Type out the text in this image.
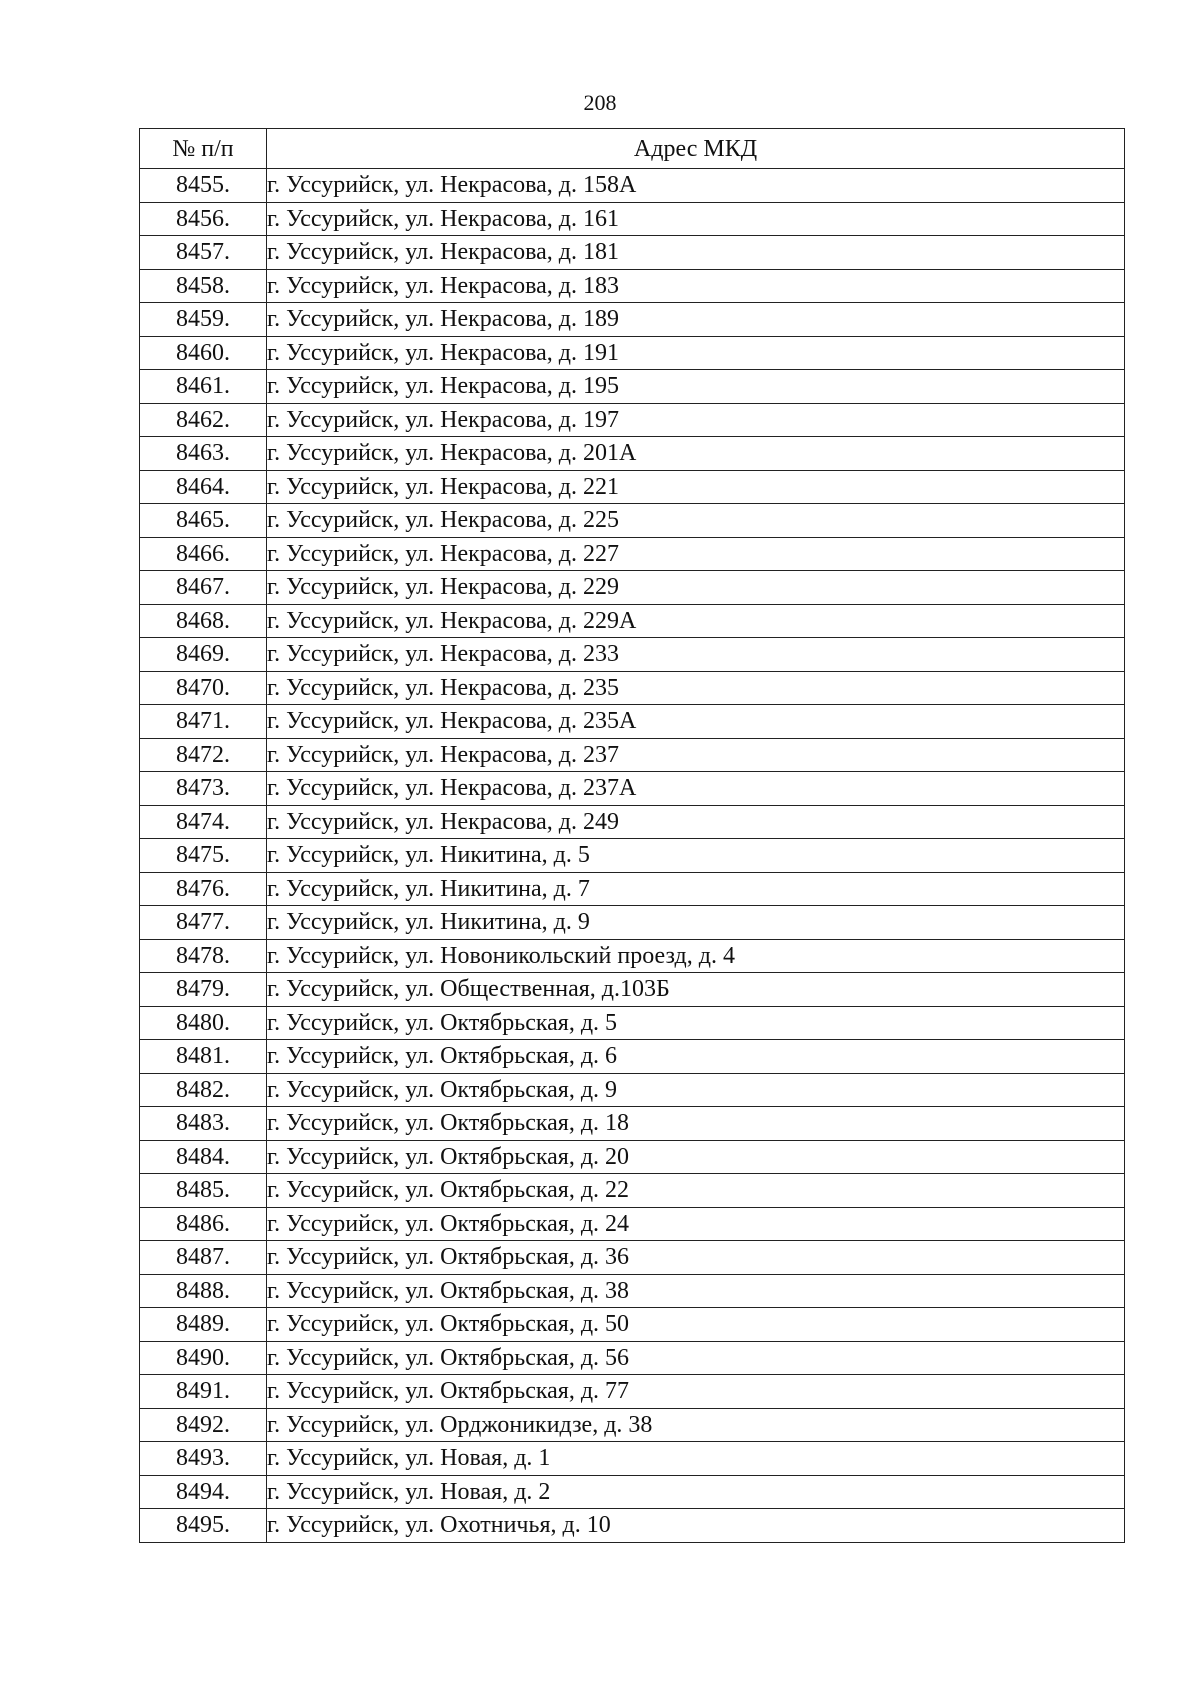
208
№ п/п	Адрес МКД
8455.	г. Уссурийск, ул. Некрасова, д. 158А
8456.	г. Уссурийск, ул. Некрасова, д. 161
8457.	г. Уссурийск, ул. Некрасова, д. 181
8458.	г. Уссурийск, ул. Некрасова, д. 183
8459.	г. Уссурийск, ул. Некрасова, д. 189
8460.	г. Уссурийск, ул. Некрасова, д. 191
8461.	г. Уссурийск, ул. Некрасова, д. 195
8462.	г. Уссурийск, ул. Некрасова, д. 197
8463.	г. Уссурийск, ул. Некрасова, д. 201А
8464.	г. Уссурийск, ул. Некрасова, д. 221
8465.	г. Уссурийск, ул. Некрасова, д. 225
8466.	г. Уссурийск, ул. Некрасова, д. 227
8467.	г. Уссурийск, ул. Некрасова, д. 229
8468.	г. Уссурийск, ул. Некрасова, д. 229А
8469.	г. Уссурийск, ул. Некрасова, д. 233
8470.	г. Уссурийск, ул. Некрасова, д. 235
8471.	г. Уссурийск, ул. Некрасова, д. 235А
8472.	г. Уссурийск, ул. Некрасова, д. 237
8473.	г. Уссурийск, ул. Некрасова, д. 237А
8474.	г. Уссурийск, ул. Некрасова, д. 249
8475.	г. Уссурийск, ул. Никитина, д. 5
8476.	г. Уссурийск, ул. Никитина, д. 7
8477.	г. Уссурийск, ул. Никитина, д. 9
8478.	г. Уссурийск, ул. Новоникольский проезд, д. 4
8479.	г. Уссурийск, ул. Общественная, д.103Б
8480.	г. Уссурийск, ул. Октябрьская, д. 5
8481.	г. Уссурийск, ул. Октябрьская, д. 6
8482.	г. Уссурийск, ул. Октябрьская, д. 9
8483.	г. Уссурийск, ул. Октябрьская, д. 18
8484.	г. Уссурийск, ул. Октябрьская, д. 20
8485.	г. Уссурийск, ул. Октябрьская, д. 22
8486.	г. Уссурийск, ул. Октябрьская, д. 24
8487.	г. Уссурийск, ул. Октябрьская, д. 36
8488.	г. Уссурийск, ул. Октябрьская, д. 38
8489.	г. Уссурийск, ул. Октябрьская, д. 50
8490.	г. Уссурийск, ул. Октябрьская, д. 56
8491.	г. Уссурийск, ул. Октябрьская, д. 77
8492.	г. Уссурийск, ул. Орджоникидзе, д. 38
8493.	г. Уссурийск, ул. Новая, д. 1
8494.	г. Уссурийск, ул. Новая, д. 2
8495.	г. Уссурийск, ул. Охотничья, д. 10
